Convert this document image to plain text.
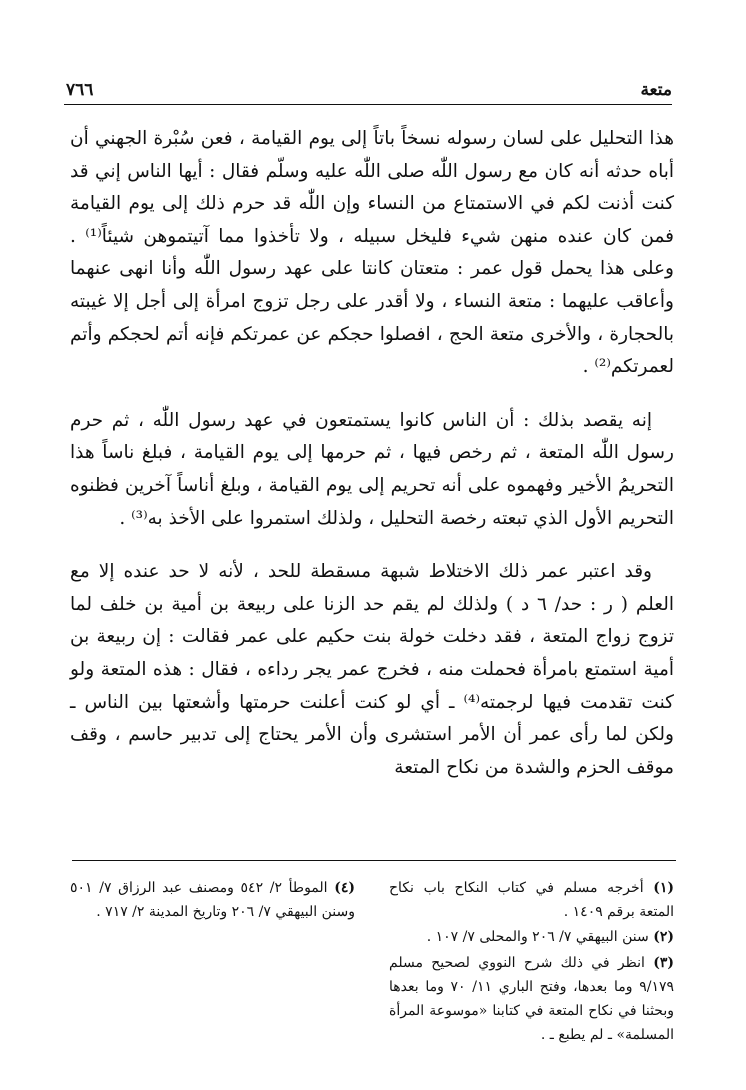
متعة
٧٦٦

هذا التحليل على لسان رسوله نسخاً باتاً إلى يوم القيامة ، فعن سُبْرة الجهني أن أباه حدثه أنه كان مع رسول اللّٰه صلى اللّٰه عليه وسلّم فقال : أيها الناس إني قد كنت أذنت لكم في الاستمتاع من النساء وإن اللّٰه قد حرم ذلك إلى يوم القيامة فمن كان عنده منهن شيء فليخل سبيله ، ولا تأخذوا مما آتيتموهن شيئاً⁽¹⁾ . وعلى هذا يحمل قول عمر : متعتان كانتا على عهد رسول اللّٰه وأنا انهى عنهما وأعاقب عليهما : متعة النساء ، ولا أقدر على رجل تزوج امرأة إلى أجل إلا غيبته بالحجارة ، والأخرى متعة الحج ، افصلوا حجكم عن عمرتكم فإنه أتم لحجكم وأتم لعمرتكم⁽²⁾ .

إنه يقصد بذلك : أن الناس كانوا يستمتعون في عهد رسول اللّٰه ، ثم حرم رسول اللّٰه المتعة ، ثم رخص فيها ، ثم حرمها إلى يوم القيامة ، فبلغ ناساً هذا التحريمُ الأخير وفهموه على أنه تحريم إلى يوم القيامة ، وبلغ أناساً آخرين فظنوه التحريم الأول الذي تبعته رخصة التحليل ، ولذلك استمروا على الأخذ به⁽³⁾ .

وقد اعتبر عمر ذلك الاختلاط شبهة مسقطة للحد ، لأنه لا حد عنده إلا مع العلم ( ر : حد/ ٦ د ) ولذلك لم يقم حد الزنا على ربيعة بن أمية بن خلف لما تزوج زواج المتعة ، فقد دخلت خولة بنت حكيم على عمر فقالت : إن ربيعة بن أمية استمتع بامرأة فحملت منه ، فخرج عمر يجر رداءه ، فقال : هذه المتعة ولو كنت تقدمت فيها لرجمته⁽⁴⁾ ـ أي لو كنت أعلنت حرمتها وأشعتها بين الناس ـ ولكن لما رأى عمر أن الأمر استشرى وأن الأمر يحتاج إلى تدبير حاسم ، وقف موقف الحزم والشدة من نكاح المتعة

(١) أخرجه مسلم في كتاب النكاح باب نكاح المتعة برقم ١٤٠٩ .
(٢) سنن البيهقي ٧/ ٢٠٦ والمحلى ٧/ ١٠٧ .
(٣) انظر في ذلك شرح النووي لصحيح مسلم ٩/١٧٩ وما بعدها، وفتح الباري ١١/ ٧٠ وما بعدها وبحثنا في نكاح المتعة في كتابنا «موسوعة المرأة المسلمة» ـ لم يطبع ـ .
(٤) الموطأ ٢/ ٥٤٢ ومصنف عبد الرزاق ٧/ ٥٠١ وسنن البيهقي ٧/ ٢٠٦ وتاريخ المدينة ٢/ ٧١٧ .
